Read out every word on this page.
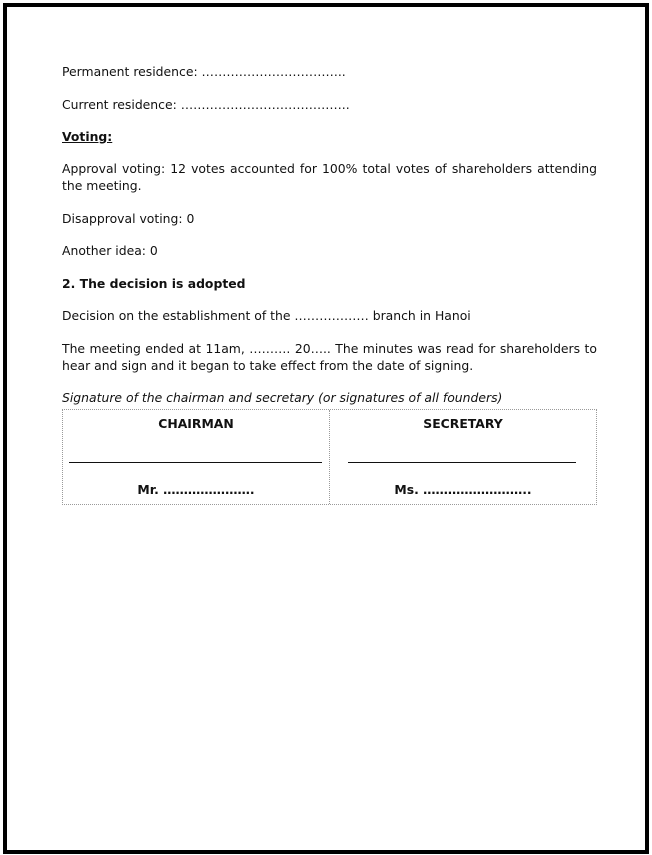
Permanent residence: ……………………………..
Current residence: …………………………………..
Voting:
Approval voting: 12 votes accounted for 100% total votes of shareholders attending the meeting.
Disapproval voting: 0
Another idea: 0
2. The decision is adopted
Decision on the establishment of the ……………… branch in Hanoi
The meeting ended at 11am, ………. 20….. The minutes was read for shareholders to hear and sign and it began to take effect from the date of signing.
Signature of the chairman and secretary (or signatures of all founders)
CHAIRMAN
Mr. ………………….
SECRETARY
Ms. ……………………..
